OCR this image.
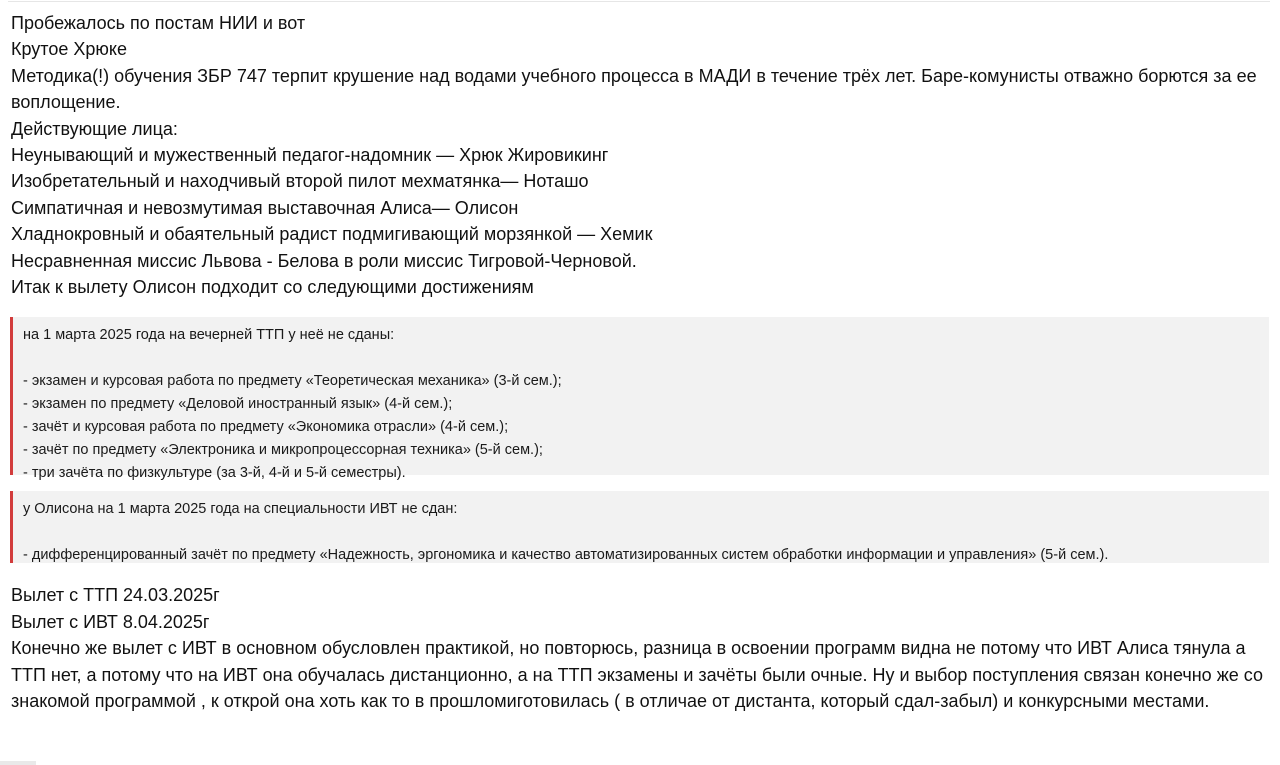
Пробежалось по постам НИИ и вот

Крутое Хрюке

Методика(!) обучения ЗБР 747 терпит крушение над водами учебного процесса в МАДИ в течение трёх лет. Баре-комунисты отважно борются за ее воплощение.

Действующие лица:

Неунывающий и мужественный педагог-надомник — Хрюк Жировикинг

Изобретательный и находчивый второй пилот мехматянка— Ноташо

Симпатичная и невозмутимая выставочная Алиса— Олисон

Хладнокровный и обаятельный радист подмигивающий морзянкой — Хемик

Несравненная миссис Львова - Белова в роли миссис Тигровой-Черновой.

Итак к вылету Олисон подходит со следующими достижениям

на 1 марта 2025 года на вечерней ТТП у неё не сданы:

- экзамен и курсовая работа по предмету «Теоретическая механика» (3-й сем.);

- экзамен по предмету «Деловой иностранный язык» (4-й сем.);

- зачёт и курсовая работа по предмету «Экономика отрасли» (4-й сем.);

- зачёт по предмету «Электроника и микропроцессорная техника» (5-й сем.);

- три зачёта по физкультуре (за 3-й, 4-й и 5-й семестры).

у Олисона на 1 марта 2025 года на специальности ИВТ не сдан:

- дифференцированный зачёт по предмету «Надежность, эргономика и качество автоматизированных систем обработки информации и управления» (5-й сем.).

Вылет с ТТП 24.03.2025г

Вылет с ИВТ 8.04.2025г

Конечно же вылет с ИВТ в основном обусловлен практикой, но повторюсь, разница в освоении программ видна не потому что ИВТ Алиса тянула а ТТП нет, а потому что на ИВТ она обучалась дистанционно, а на ТТП экзамены и зачёты были очные. Ну и выбор поступления связан конечно же со знакомой программой , к открой она хоть как то в прошломиготовилась ( в отличае от дистанта, который сдал-забыл) и конкурсными местами.
